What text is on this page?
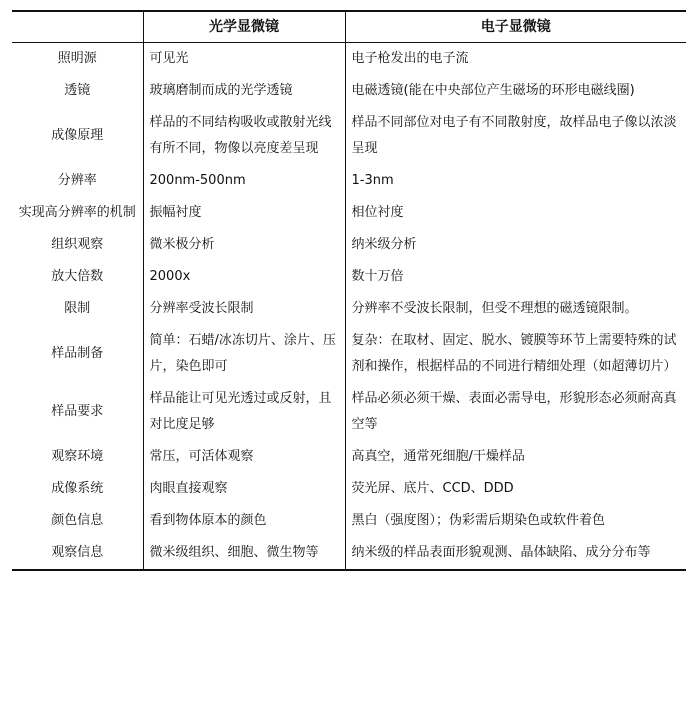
	光学显微镜	电子显微镜
照明源	可见光	电子枪发出的电子流
透镜	玻璃磨制而成的光学透镜	电磁透镜(能在中央部位产生磁场的环形电磁线圈)
成像原理	样品的不同结构吸收或散射光线有所不同，物像以亮度差呈现	样品不同部位对电子有不同散射度，故样品电子像以浓淡呈现
分辨率	200nm-500nm	1-3nm
实现高分辨率的机制	振幅衬度	相位衬度
组织观察	微米极分析	纳米级分析
放大倍数	2000x	数十万倍
限制	分辨率受波长限制	分辨率不受波长限制，但受不理想的磁透镜限制。
样品制备	简单：石蜡/冰冻切片、涂片、压片，染色即可	复杂：在取材、固定、脱水、镀膜等环节上需要特殊的试剂和操作，根据样品的不同进行精细处理（如超薄切片）
样品要求	样品能让可见光透过或反射，且对比度足够	样品必须必须干燥、表面必需导电，形貌形态必须耐高真空等
观察环境	常压，可活体观察	高真空，通常死细胞/干燥样品
成像系统	肉眼直接观察	荧光屏、底片、CCD、DDD
颜色信息	看到物体原本的颜色	黑白（强度图）；伪彩需后期染色或软件着色
观察信息	微米级组织、细胞、微生物等	纳米级的样品表面形貌观测、晶体缺陷、成分分布等
